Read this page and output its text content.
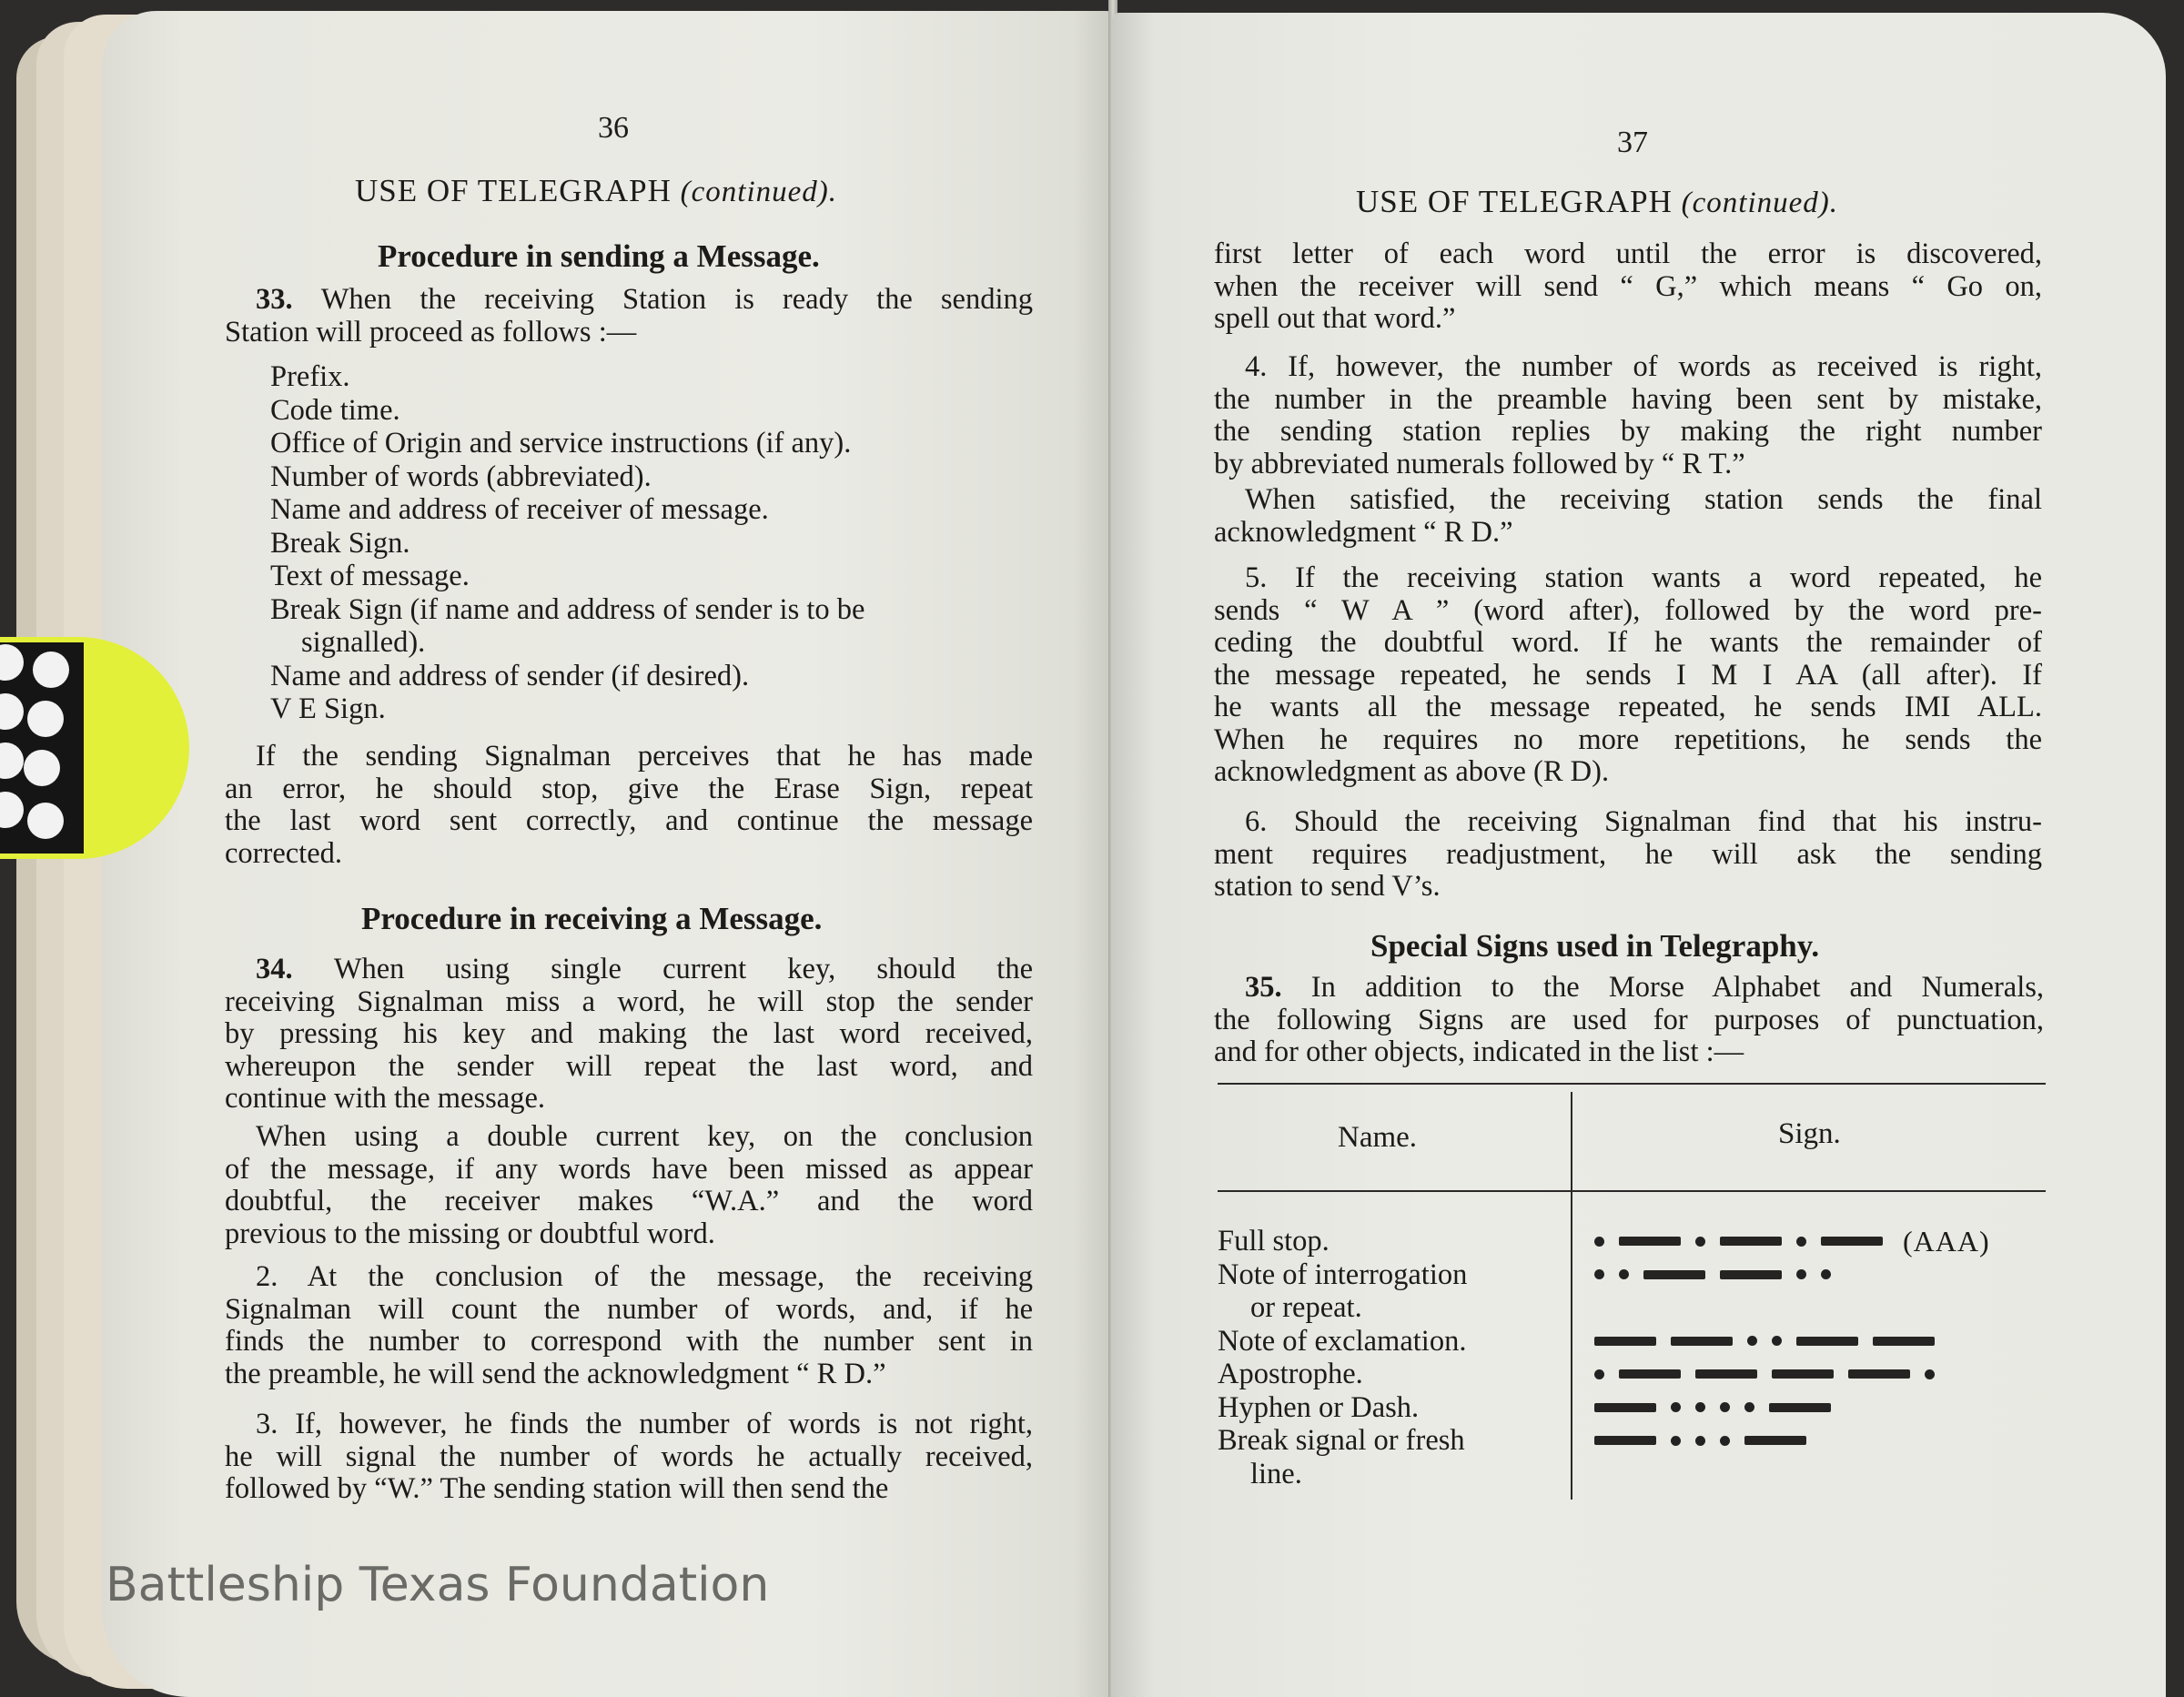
36
USE OF TELEGRAPH (continued).
Procedure in sending a Message.
33. When the receiving Station is ready the sending
Station will proceed as follows :—
Prefix.
Code time.
Office of Origin and service instructions (if any).
Number of words (abbreviated).
Name and address of receiver of message.
Break Sign.
Text of message.
Break Sign (if name and address of sender is to be
signalled).
Name and address of sender (if desired).
V E Sign.
If the sending Signalman perceives that he has made
an error, he should stop, give the Erase Sign, repeat
the last word sent correctly, and continue the message
corrected.
Procedure in receiving a Message.
34. When using single current key, should the
receiving Signalman miss a word, he will stop the sender
by pressing his key and making the last word received,
whereupon the sender will repeat the last word, and
continue with the message.
When using a double current key, on the conclusion
of the message, if any words have been missed as appear
doubtful, the receiver makes “W.A.” and the word
previous to the missing or doubtful word.
2. At the conclusion of the message, the receiving
Signalman will count the number of words, and, if he
finds the number to correspond with the number sent in
the preamble, he will send the acknowledgment “ R D.”
3. If, however, he finds the number of words is not right,
he will signal the number of words he actually received,
followed by “W.” The sending station will then send the
37
USE OF TELEGRAPH (continued).
first letter of each word until the error is discovered,
when the receiver will send “ G,” which means “ Go on,
spell out that word.”
4. If, however, the number of words as received is right,
the number in the preamble having been sent by mistake,
the sending station replies by making the right number
by abbreviated numerals followed by “ R T.”
When satisfied, the receiving station sends the final
acknowledgment “ R D.”
5. If the receiving station wants a word repeated, he
sends “ W A ” (word after), followed by the word pre-
ceding the doubtful word. If he wants the remainder of
the message repeated, he sends I M I AA (all after). If
he wants all the message repeated, he sends IMI ALL.
When he requires no more repetitions, he sends the
acknowledgment as above (R D).
6. Should the receiving Signalman find that his instru-
ment requires readjustment, he will ask the sending
station to send V’s.
Special Signs used in Telegraphy.
35. In addition to the Morse Alphabet and Numerals,
the following Signs are used for purposes of punctuation,
and for other objects, indicated in the list :—
Name.	Sign.
Full stop.	(AAA)
Note of interrogation
or repeat.
Note of exclamation.
Apostrophe.
Hyphen or Dash.
Break signal or fresh
line.
Battleship Texas Foundation
